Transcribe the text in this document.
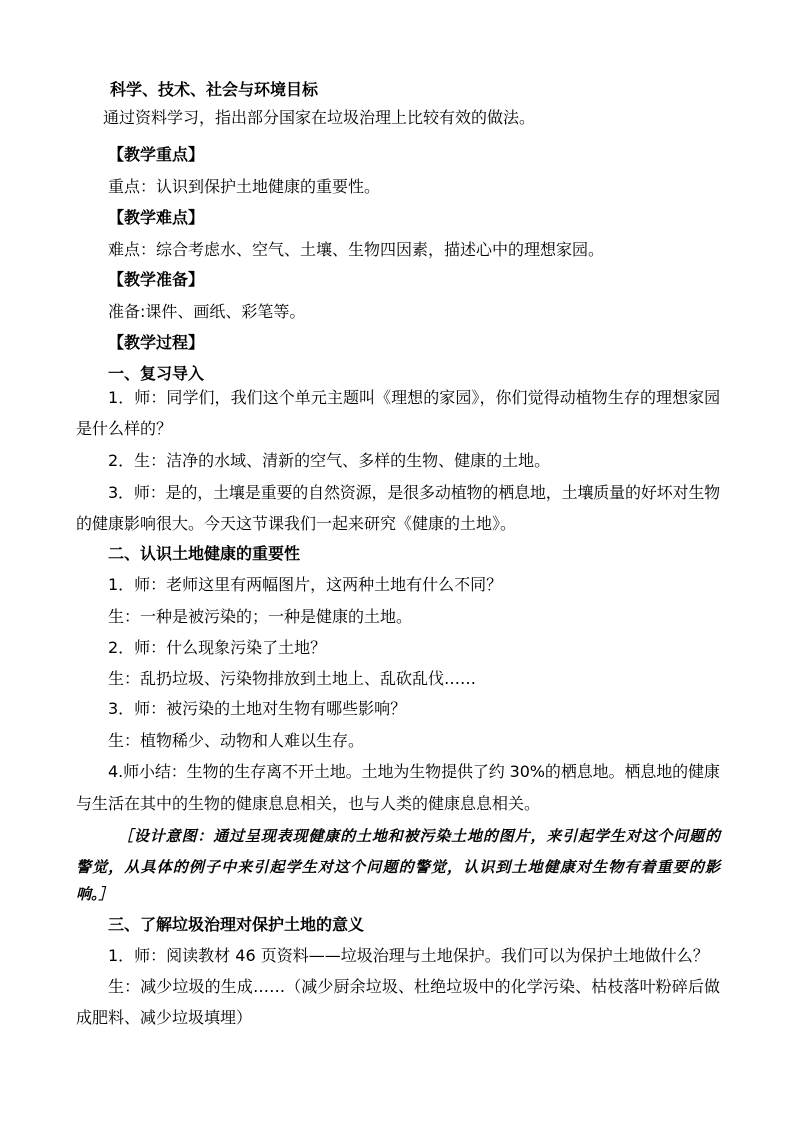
科学、技术、社会与环境目标
通过资料学习，指出部分国家在垃圾治理上比较有效的做法。
【教学重点】
重点：认识到保护土地健康的重要性。
【教学难点】
难点：综合考虑水、空气、土壤、生物四因素，描述心中的理想家园。
【教学准备】
准备:课件、画纸、彩笔等。
【教学过程】
一、复习导入
1．师：同学们，我们这个单元主题叫《理想的家园》，你们觉得动植物生存的理想家园
是什么样的？
2．生：洁净的水域、清新的空气、多样的生物、健康的土地。
3．师：是的，土壤是重要的自然资源，是很多动植物的栖息地，土壤质量的好坏对生物
的健康影响很大。今天这节课我们一起来研究《健康的土地》。
二、认识土地健康的重要性
1．师：老师这里有两幅图片，这两种土地有什么不同？
生：一种是被污染的；一种是健康的土地。
2．师：什么现象污染了土地？
生：乱扔垃圾、污染物排放到土地上、乱砍乱伐……
3．师：被污染的土地对生物有哪些影响？
生：植物稀少、动物和人难以生存。
4.师小结：生物的生存离不开土地。土地为生物提供了约 30%的栖息地。栖息地的健康
与生活在其中的生物的健康息息相关，也与人类的健康息息相关。
［设计意图：通过呈现表现健康的土地和被污染土地的图片，来引起学生对这个问题的
警觉，从具体的例子中来引起学生对这个问题的警觉，认识到土地健康对生物有着重要的影
响。］
三、了解垃圾治理对保护土地的意义
1．师：阅读教材 46 页资料——垃圾治理与土地保护。我们可以为保护土地做什么？
生：减少垃圾的生成……（减少厨余垃圾、杜绝垃圾中的化学污染、枯枝落叶粉碎后做
成肥料、减少垃圾填埋）
